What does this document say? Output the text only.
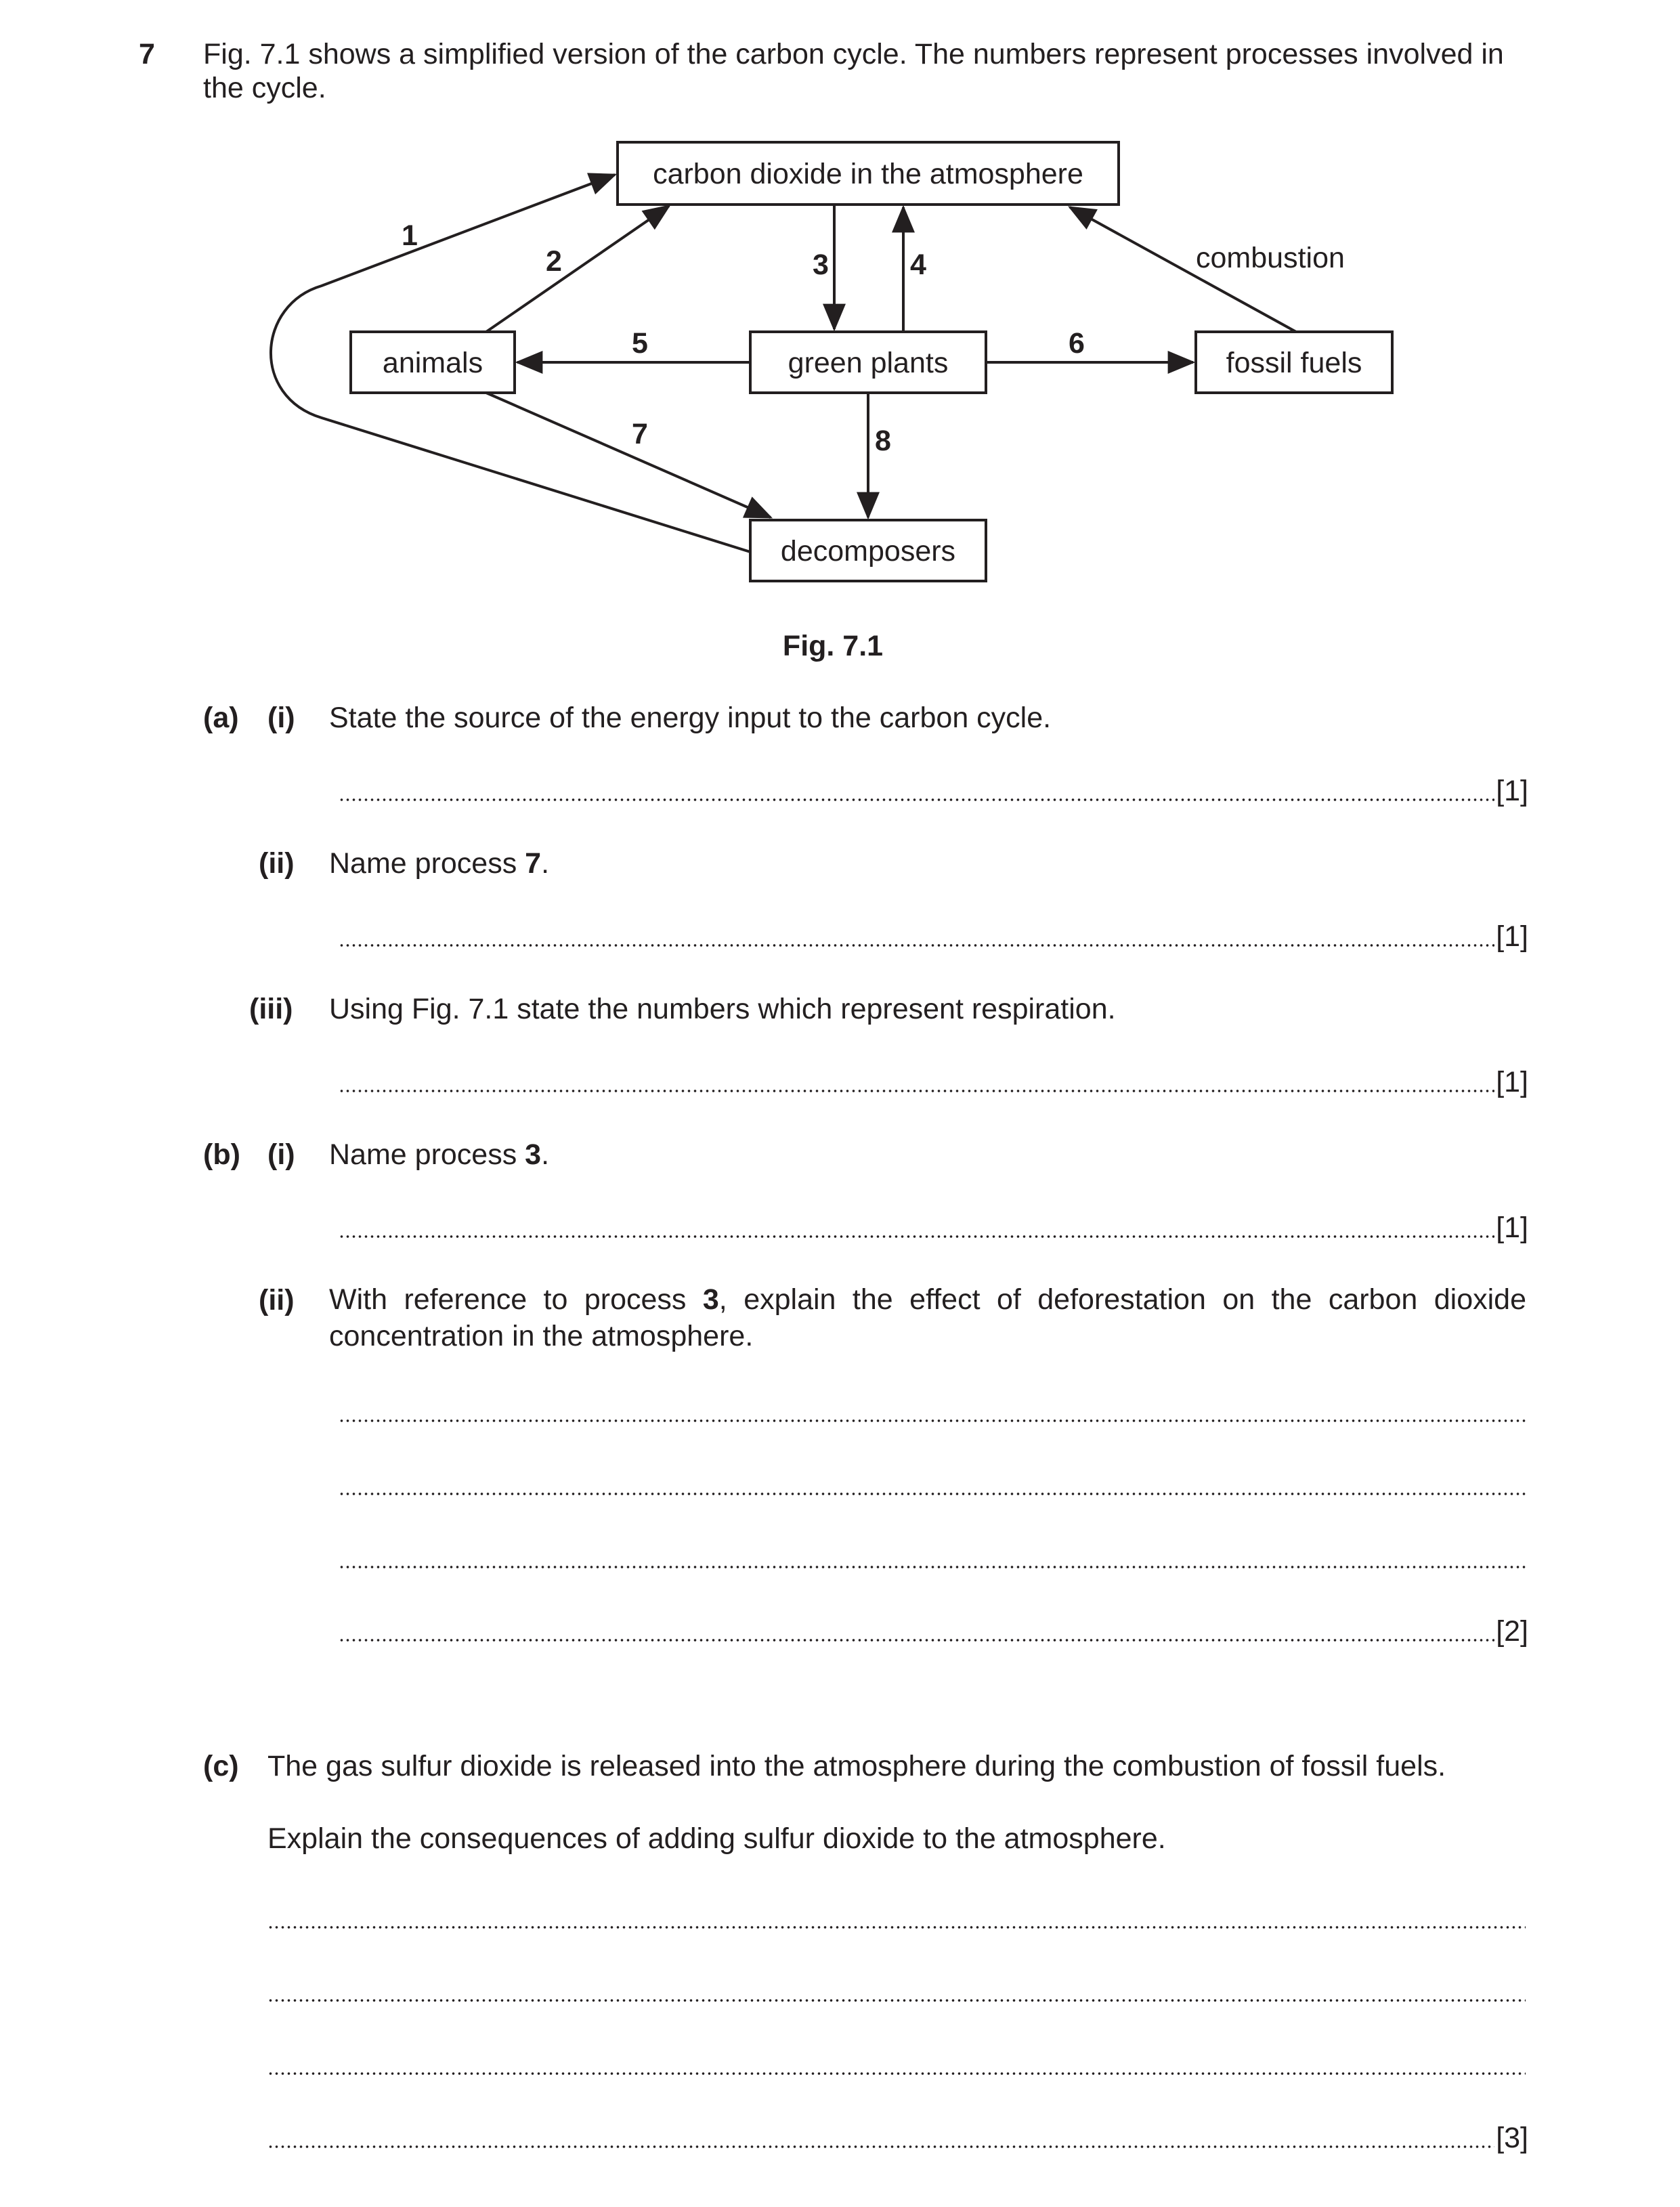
7 Fig. 7.1 shows a simplified version of the carbon cycle. The numbers represent processes involved in the cycle.
carbon dioxide in the atmosphere
animals	green plants	fossil fuels
decomposers
1
2	3	4
5	6
7	8
combustion
Fig. 7.1
(a) (i) State the source of the energy input to the carbon cycle.
[1]
(ii) Name process 7.
[1]
(iii) Using Fig. 7.1 state the numbers which represent respiration.
[1]
(b) (i) Name process 3.
[1]
(ii) With reference to process 3, explain the effect of deforestation on the carbon dioxide concentration in the atmosphere.
[2]
(c) The gas sulfur dioxide is released into the atmosphere during the combustion of fossil fuels.
Explain the consequences of adding sulfur dioxide to the atmosphere.
[3]
